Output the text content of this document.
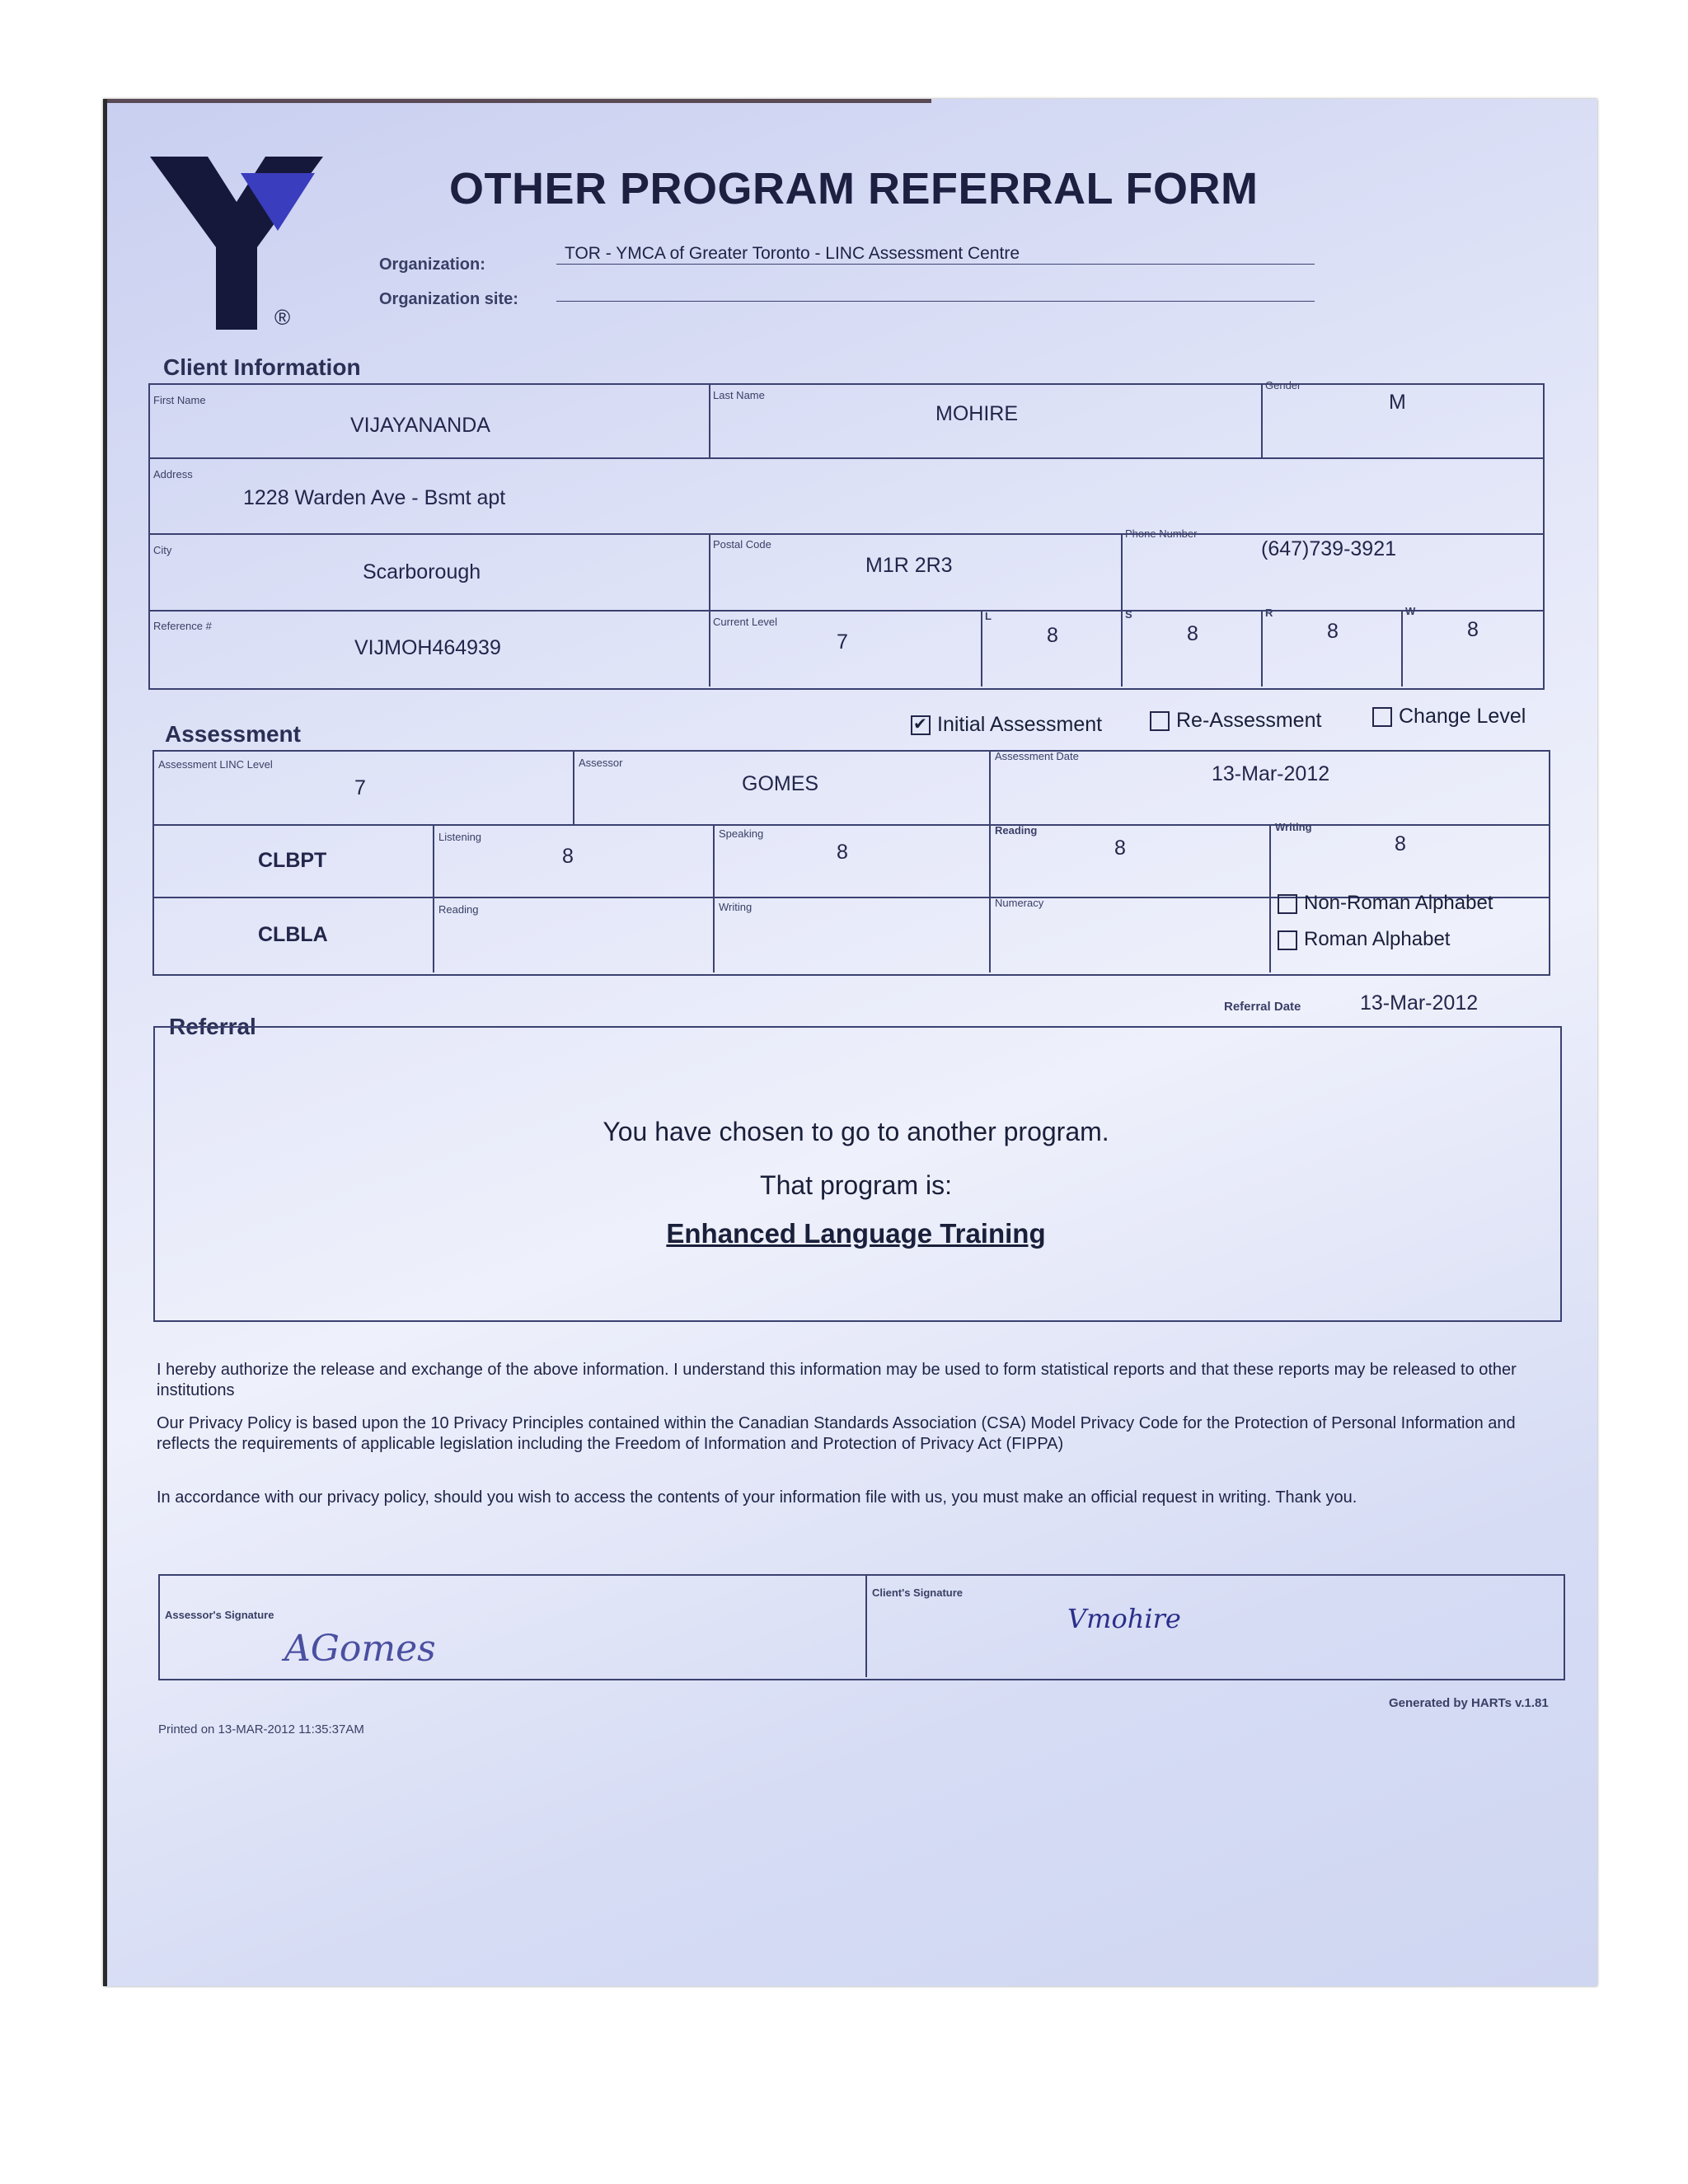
®
OTHER PROGRAM REFERRAL FORM
Organization:
TOR - YMCA of Greater Toronto - LINC Assessment Centre
Organization site:
Client Information
First Name
VIJAYANANDA
Last Name
MOHIRE
Gender
M
Address
1228 Warden Ave - Bsmt apt
City
Scarborough
Postal Code
M1R 2R3
Phone Number
(647)739-3921
Reference #
VIJMOH464939
Current Level
7
L
8
S
8
R
8
W
8
Assessment
✔	Initial Assessment	Re-Assessment	Change Level
Assessment LINC Level
7
Assessor
GOMES
Assessment Date
13-Mar-2012
CLBPT
Listening
8
Speaking
8
Reading
8
Writing
8
CLBLA
Reading	Writing	Numeracy	Non-Roman Alphabet
Roman Alphabet
Referral
Referral Date	13-Mar-2012
You have chosen to go to another program.
That program is:
Enhanced Language Training
I hereby authorize the release and exchange of the above information. I understand this information may be used to form statistical reports and that these reports may be released to other institutions
Our Privacy Policy is based upon the 10 Privacy Principles contained within the Canadian Standards Association (CSA) Model Privacy Code for the Protection of Personal Information and reflects the requirements of applicable legislation including the Freedom of Information and Protection of Privacy Act (FIPPA)
In accordance with our privacy policy, should you wish to access the contents of your information file with us, you must make an official request in writing. Thank you.
Assessor's Signature
AGomes
Client's Signature
Vmohire
Printed on 13-MAR-2012 11:35:37AM
Generated by HARTs v.1.81
